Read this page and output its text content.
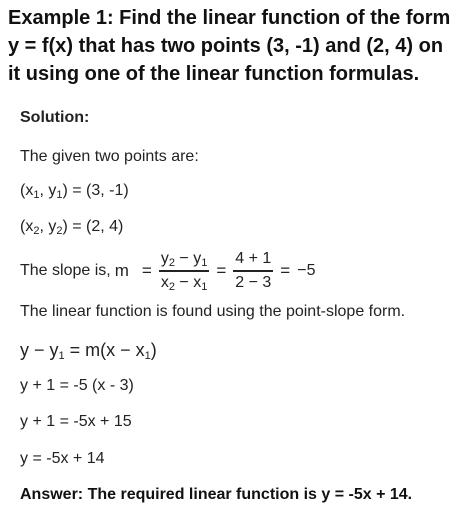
Example 1: Find the linear function of the form
y = f(x) that has two points (3, -1) and (2, 4) on
it using one of the linear function formulas.
Solution:
The given two points are:
($x_1$, $y_1) = (3$, -1)
($x_2$, $y_2) = (2$, 4)
The slope is, $m = \frac{y_2 - y_1}{x_2 - x_1} = \frac{4 + 1}{2 - 3} = -5$
The linear function is found using the point-slope form.
$y - y_1 = m(x - x_1)$
y + 1 = -5 (x - 3)
y + 1 = -5x + 15
y = -5x + 14
Answer: The required linear function is y = -5x + 14.
